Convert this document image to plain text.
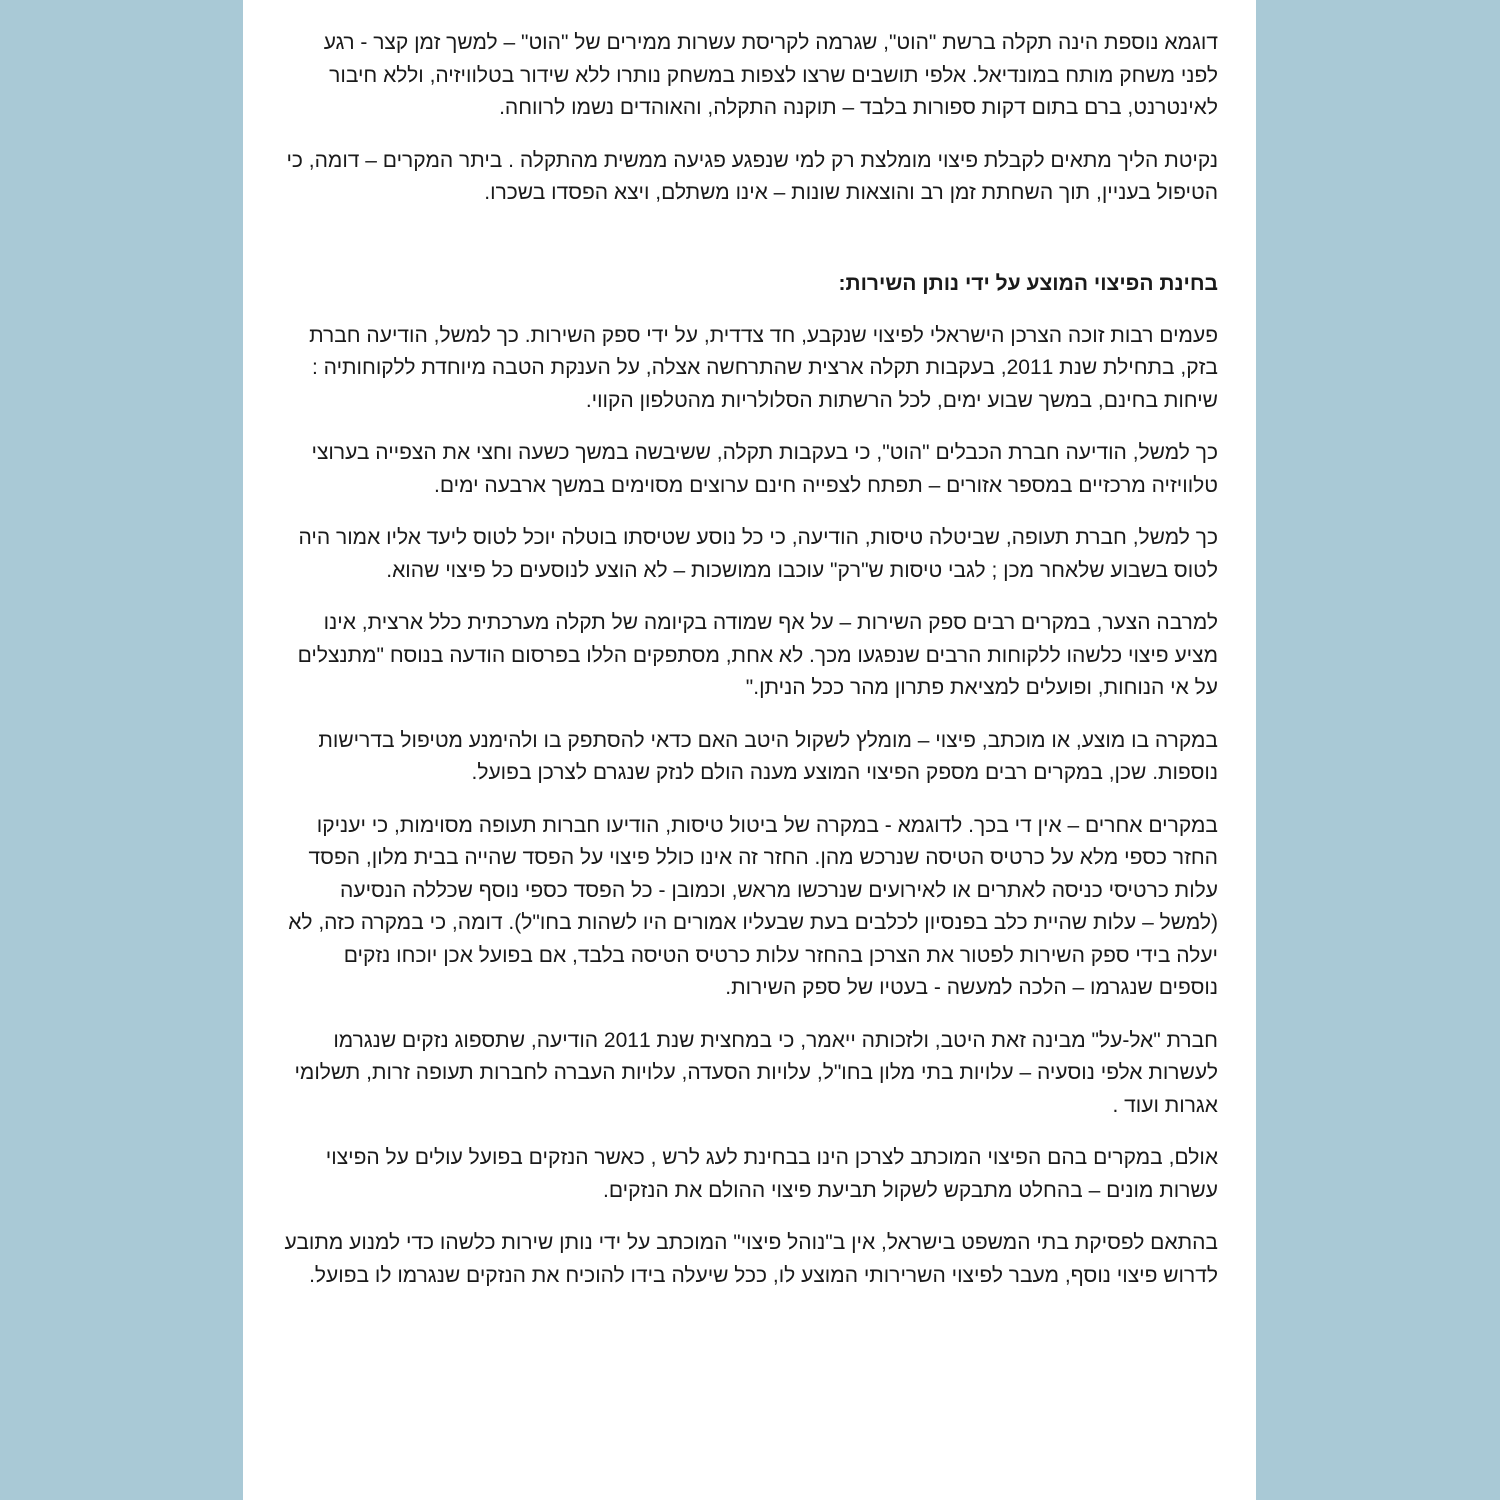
דוגמא נוספת הינה תקלה ברשת "הוט", שגרמה לקריסת עשרות ממירים של "הוט" – למשך זמן קצר - רגע לפני משחק מותח במונדיאל. אלפי תושבים שרצו לצפות במשחק נותרו ללא שידור בטלוויזיה, וללא חיבור לאינטרנט, ברם בתום דקות ספורות בלבד – תוקנה התקלה, והאוהדים נשמו לרווחה.

נקיטת הליך מתאים לקבלת פיצוי מומלצת רק למי שנפגע פגיעה ממשית מהתקלה . ביתר המקרים – דומה, כי הטיפול בעניין, תוך השחתת זמן רב והוצאות שונות – אינו משתלם, ויצא הפסדו בשכרו.

בחינת הפיצוי המוצע על ידי נותן השירות:

פעמים רבות זוכה הצרכן הישראלי לפיצוי שנקבע, חד צדדית, על ידי ספק השירות. כך למשל, הודיעה חברת בזק, בתחילת שנת 2011, בעקבות תקלה ארצית שהתרחשה אצלה, על הענקת הטבה מיוחדת ללקוחותיה : שיחות בחינם, במשך שבוע ימים, לכל הרשתות הסלולריות מהטלפון הקווי.

כך למשל, הודיעה חברת הכבלים "הוט", כי בעקבות תקלה, ששיבשה במשך כשעה וחצי את הצפייה בערוצי טלוויזיה מרכזיים במספר אזורים – תפתח לצפייה חינם ערוצים מסוימים במשך ארבעה ימים.

כך למשל, חברת תעופה, שביטלה טיסות, הודיעה, כי כל נוסע שטיסתו בוטלה יוכל לטוס ליעד אליו אמור היה לטוס בשבוע שלאחר מכן ; לגבי טיסות ש"רק" עוכבו ממושכות – לא הוצע לנוסעים כל פיצוי שהוא.

למרבה הצער, במקרים רבים ספק השירות – על אף שמודה בקיומה של תקלה מערכתית כלל ארצית, אינו מציע פיצוי כלשהו ללקוחות הרבים שנפגעו מכך. לא אחת, מסתפקים הללו בפרסום הודעה בנוסח "מתנצלים על אי הנוחות, ופועלים למציאת פתרון מהר ככל הניתן."

במקרה בו מוצע, או מוכתב, פיצוי – מומלץ לשקול היטב האם כדאי להסתפק בו ולהימנע מטיפול בדרישות נוספות. שכן, במקרים רבים מספק הפיצוי המוצע מענה הולם לנזק שנגרם לצרכן בפועל.

במקרים אחרים – אין די בכך. לדוגמא - במקרה של ביטול טיסות, הודיעו חברות תעופה מסוימות, כי יעניקו החזר כספי מלא על כרטיס הטיסה שנרכש מהן. החזר זה אינו כולל פיצוי על הפסד שהייה בבית מלון, הפסד עלות כרטיסי כניסה לאתרים או לאירועים שנרכשו מראש, וכמובן - כל הפסד כספי נוסף שכללה הנסיעה (למשל – עלות שהיית כלב בפנסיון לכלבים בעת שבעליו אמורים היו לשהות בחו"ל). דומה, כי במקרה כזה, לא יעלה בידי ספק השירות לפטור את הצרכן בהחזר עלות כרטיס הטיסה בלבד, אם בפועל אכן יוכחו נזקים נוספים שנגרמו – הלכה למעשה - בעטיו של ספק השירות.

חברת "אל-על" מבינה זאת היטב, ולזכותה ייאמר, כי במחצית שנת 2011 הודיעה, שתספוג נזקים שנגרמו לעשרות אלפי נוסעיה – עלויות בתי מלון בחו"ל, עלויות הסעדה, עלויות העברה לחברות תעופה זרות, תשלומי אגרות ועוד .

אולם, במקרים בהם הפיצוי המוכתב לצרכן הינו בבחינת לעג לרש , כאשר הנזקים בפועל עולים על הפיצוי עשרות מונים – בהחלט מתבקש לשקול תביעת פיצוי ההולם את הנזקים.

בהתאם לפסיקת בתי המשפט בישראל, אין ב"נוהל פיצוי" המוכתב על ידי נותן שירות כלשהו כדי למנוע מתובע לדרוש פיצוי נוסף, מעבר לפיצוי השרירותי המוצע לו, ככל שיעלה בידו להוכיח את הנזקים שנגרמו לו בפועל.
